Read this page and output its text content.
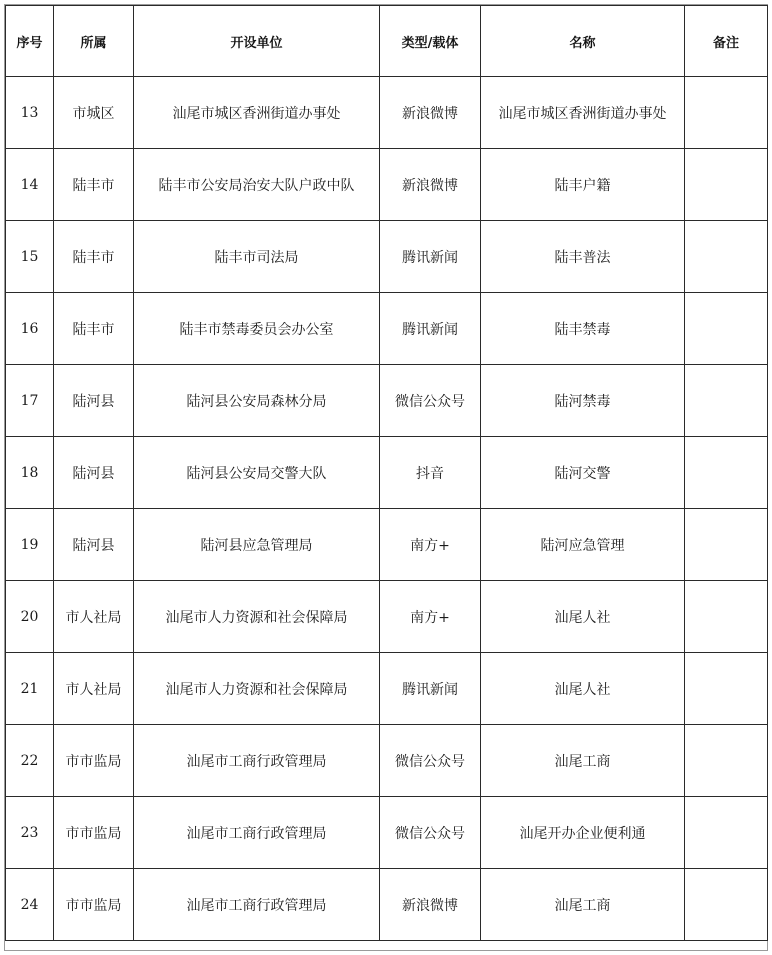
序号	所属	开设单位	类型/载体	名称	备注
13	市城区	汕尾市城区香洲街道办事处	新浪微博	汕尾市城区香洲街道办事处	
14	陆丰市	陆丰市公安局治安大队户政中队	新浪微博	陆丰户籍	
15	陆丰市	陆丰市司法局	腾讯新闻	陆丰普法	
16	陆丰市	陆丰市禁毒委员会办公室	腾讯新闻	陆丰禁毒	
17	陆河县	陆河县公安局森林分局	微信公众号	陆河禁毒	
18	陆河县	陆河县公安局交警大队	抖音	陆河交警	
19	陆河县	陆河县应急管理局	南方+	陆河应急管理	
20	市人社局	汕尾市人力资源和社会保障局	南方+	汕尾人社	
21	市人社局	汕尾市人力资源和社会保障局	腾讯新闻	汕尾人社	
22	市市监局	汕尾市工商行政管理局	微信公众号	汕尾工商	
23	市市监局	汕尾市工商行政管理局	微信公众号	汕尾开办企业便利通	
24	市市监局	汕尾市工商行政管理局	新浪微博	汕尾工商	
